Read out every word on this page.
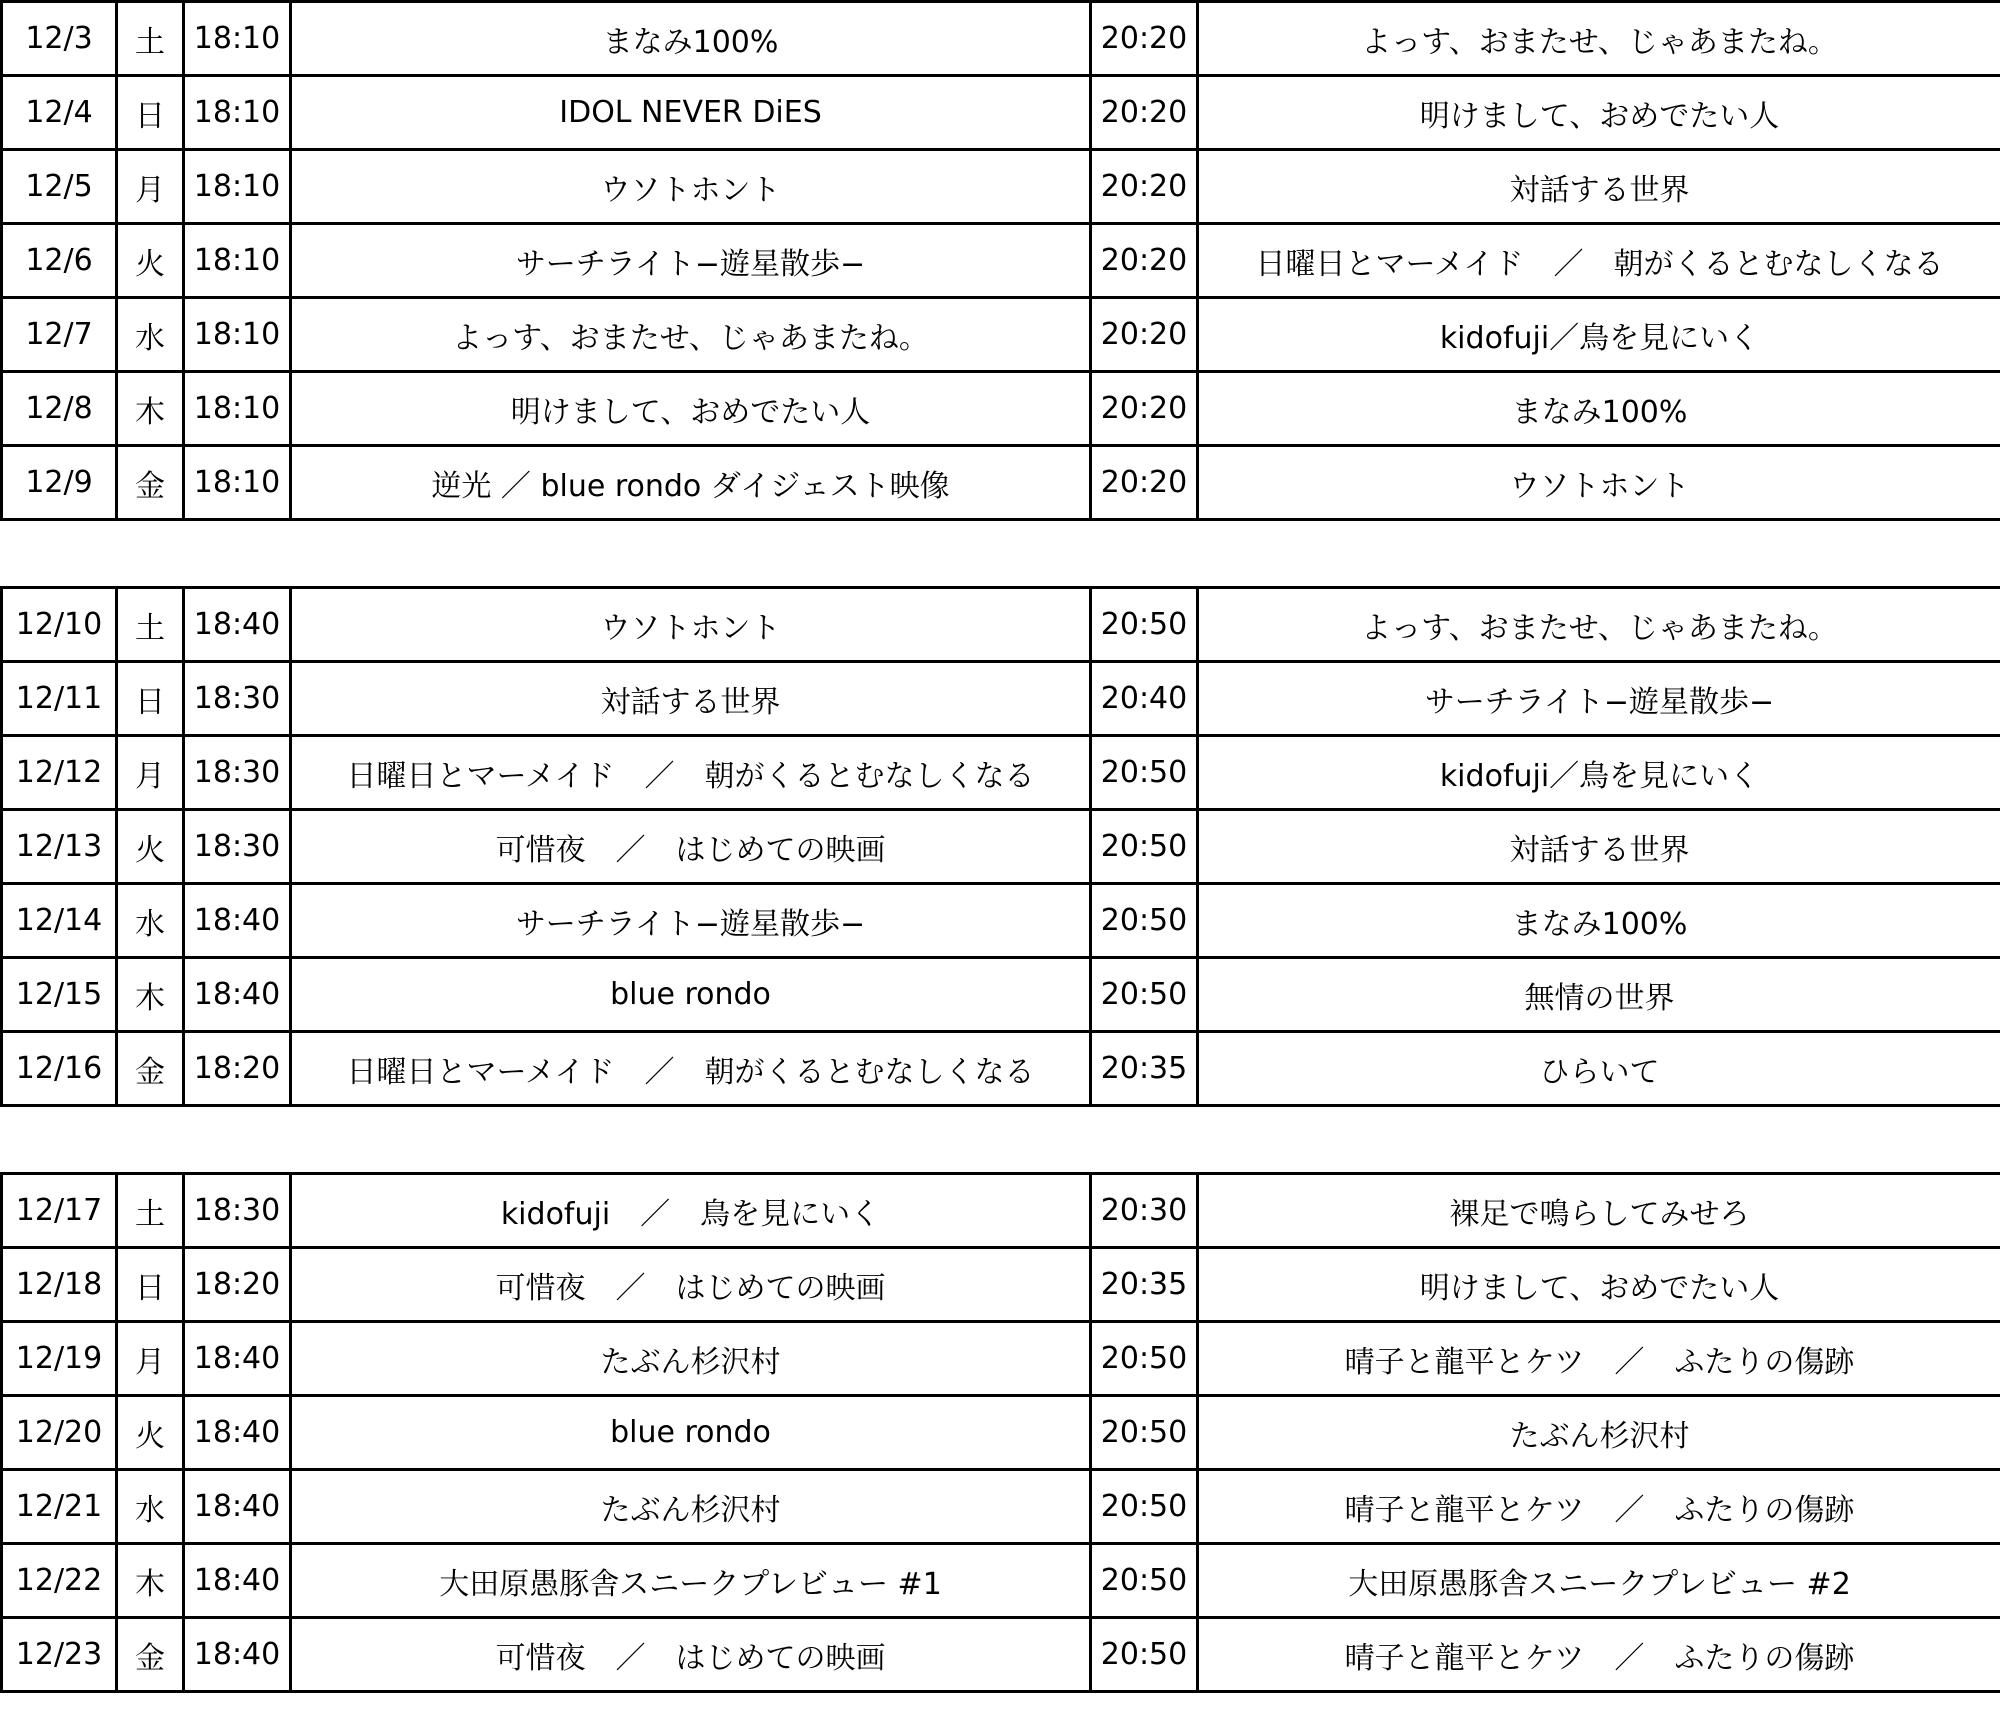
12/3	土	18:10	まなみ100%	20:20	よっす、おまたせ、じゃあまたね。
12/4	日	18:10	IDOL NEVER DiES	20:20	明けまして、おめでたい人
12/5	月	18:10	ウソトホント	20:20	対話する世界
12/6	火	18:10	サーチライト−遊星散歩−	20:20	日曜日とマーメイド　／　朝がくるとむなしくなる
12/7	水	18:10	よっす、おまたせ、じゃあまたね。	20:20	kidofuji／鳥を見にいく
12/8	木	18:10	明けまして、おめでたい人	20:20	まなみ100%
12/9	金	18:10	逆光 ／ blue rondo ダイジェスト映像	20:20	ウソトホント
12/10	土	18:40	ウソトホント	20:50	よっす、おまたせ、じゃあまたね。
12/11	日	18:30	対話する世界	20:40	サーチライト−遊星散歩−
12/12	月	18:30	日曜日とマーメイド　／　朝がくるとむなしくなる	20:50	kidofuji／鳥を見にいく
12/13	火	18:30	可惜夜　／　はじめての映画	20:50	対話する世界
12/14	水	18:40	サーチライト−遊星散歩−	20:50	まなみ100%
12/15	木	18:40	blue rondo	20:50	無情の世界
12/16	金	18:20	日曜日とマーメイド　／　朝がくるとむなしくなる	20:35	ひらいて
12/17	土	18:30	kidofuji　／　鳥を見にいく	20:30	裸足で鳴らしてみせろ
12/18	日	18:20	可惜夜　／　はじめての映画	20:35	明けまして、おめでたい人
12/19	月	18:40	たぶん杉沢村	20:50	晴子と龍平とケツ　／　ふたりの傷跡
12/20	火	18:40	blue rondo	20:50	たぶん杉沢村
12/21	水	18:40	たぶん杉沢村	20:50	晴子と龍平とケツ　／　ふたりの傷跡
12/22	木	18:40	大田原愚豚舎スニークプレビュー #1	20:50	大田原愚豚舎スニークプレビュー #2
12/23	金	18:40	可惜夜　／　はじめての映画	20:50	晴子と龍平とケツ　／　ふたりの傷跡
